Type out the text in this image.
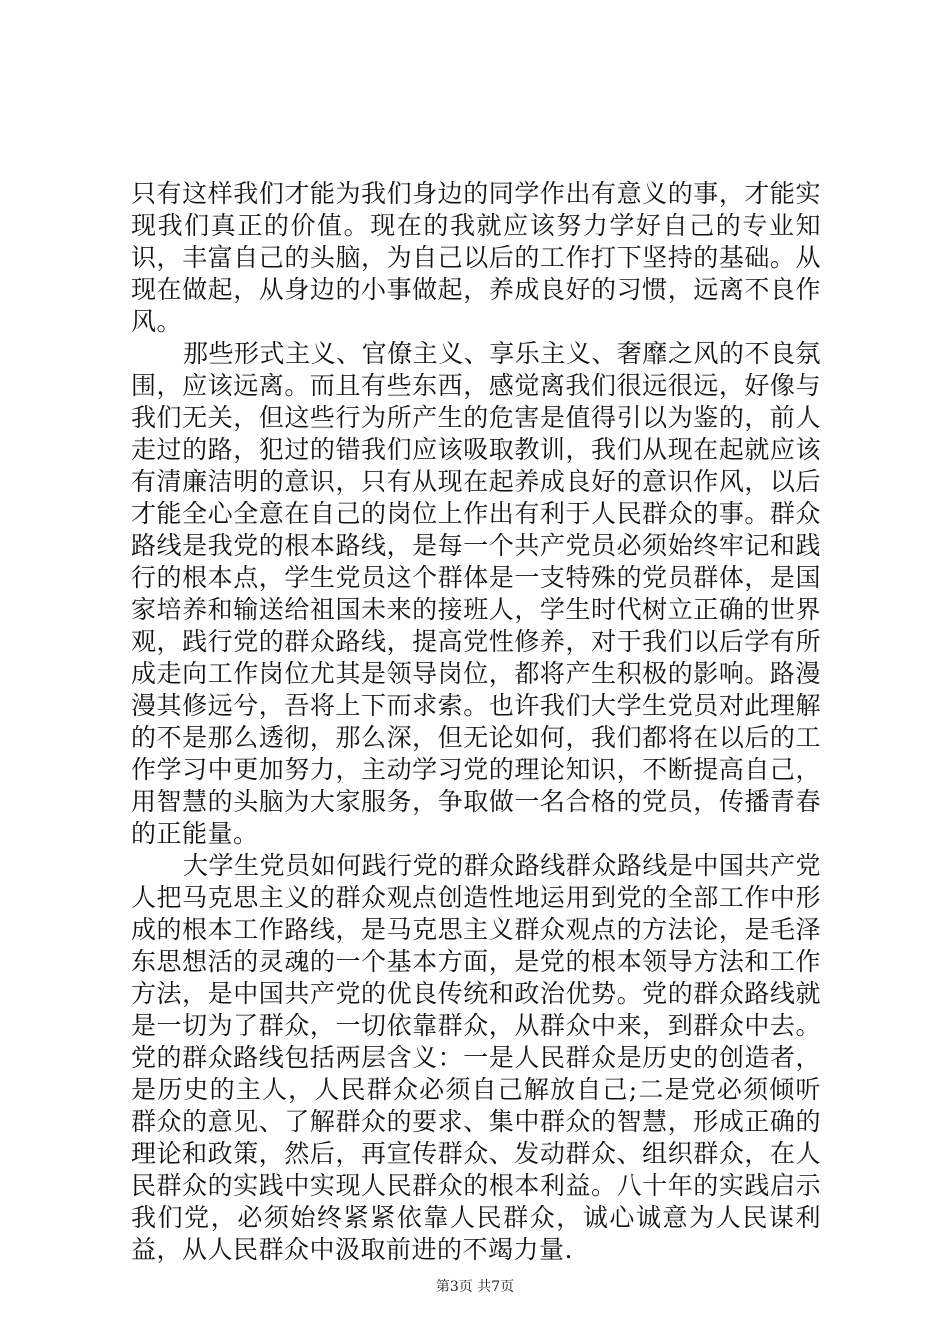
只有这样我们才能为我们身边的同学作出有意义的事，才能实现我们真正的价值。现在的我就应该努力学好自己的专业知识，丰富自己的头脑，为自己以后的工作打下坚持的基础。从现在做起，从身边的小事做起，养成良好的习惯，远离不良作风。

那些形式主义、官僚主义、享乐主义、奢靡之风的不良氛围，应该远离。而且有些东西，感觉离我们很远很远，好像与我们无关，但这些行为所产生的危害是值得引以为鉴的，前人走过的路，犯过的错我们应该吸取教训，我们从现在起就应该有清廉洁明的意识，只有从现在起养成良好的意识作风，以后才能全心全意在自己的岗位上作出有利于人民群众的事。群众路线是我党的根本路线，是每一个共产党员必须始终牢记和践行的根本点，学生党员这个群体是一支特殊的党员群体，是国家培养和输送给祖国未来的接班人，学生时代树立正确的世界观，践行党的群众路线，提高党性修养，对于我们以后学有所成走向工作岗位尤其是领导岗位，都将产生积极的影响。路漫漫其修远兮，吾将上下而求索。也许我们大学生党员对此理解的不是那么透彻，那么深，但无论如何，我们都将在以后的工作学习中更加努力，主动学习党的理论知识，不断提高自己，用智慧的头脑为大家服务，争取做一名合格的党员，传播青春的正能量。

大学生党员如何践行党的群众路线群众路线是中国共产党人把马克思主义的群众观点创造性地运用到党的全部工作中形成的根本工作路线，是马克思主义群众观点的方法论，是毛泽东思想活的灵魂的一个基本方面，是党的根本领导方法和工作方法，是中国共产党的优良传统和政治优势。党的群众路线就是一切为了群众，一切依靠群众，从群众中来，到群众中去。党的群众路线包括两层含义：一是人民群众是历史的创造者，是历史的主人，人民群众必须自己解放自己;二是党必须倾听群众的意见、了解群众的要求、集中群众的智慧，形成正确的理论和政策，然后，再宣传群众、发动群众、组织群众，在人民群众的实践中实现人民群众的根本利益。八十年的实践启示我们党，必须始终紧紧依靠人民群众，诚心诚意为人民谋利益，从人民群众中汲取前进的不竭力量.

第3页 共7页
